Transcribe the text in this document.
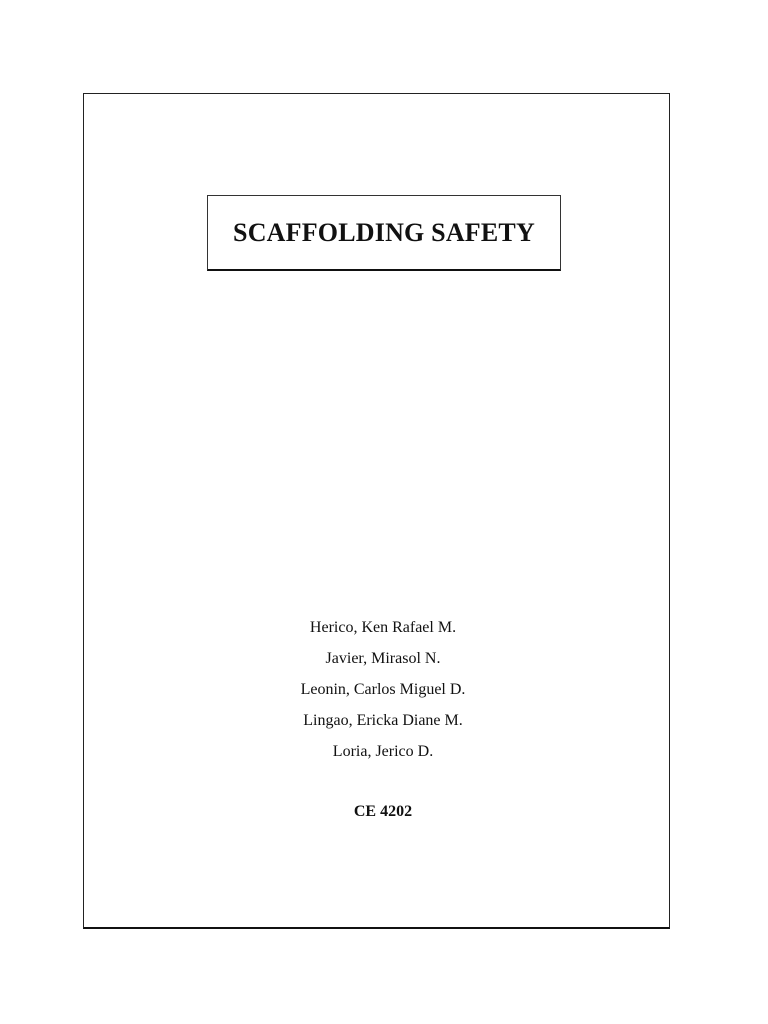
SCAFFOLDING SAFETY
Herico, Ken Rafael M.
Javier, Mirasol N.
Leonin, Carlos Miguel D.
Lingao, Ericka Diane M.
Loria, Jerico D.
CE 4202
